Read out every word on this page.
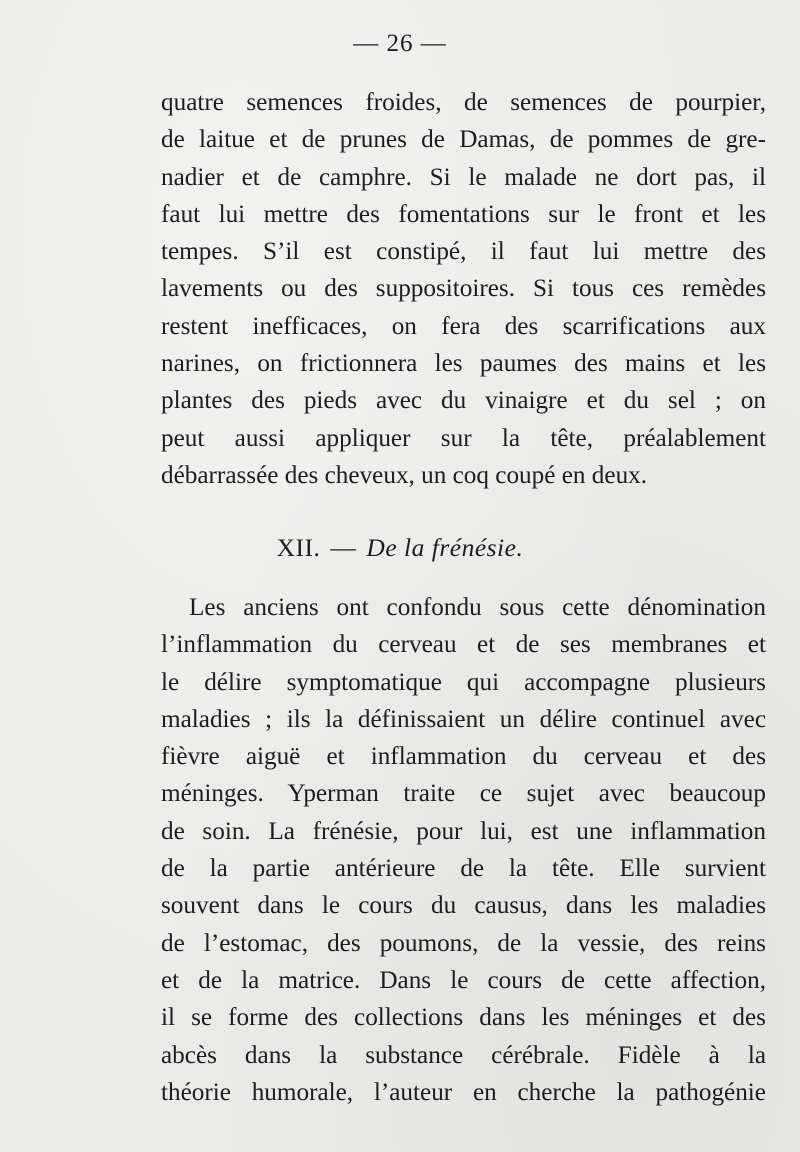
— 26 —
quatre semences froides, de semences de pourpier,
de laitue et de prunes de Damas, de pommes de gre-
nadier et de camphre. Si le malade ne dort pas, il
faut lui mettre des fomentations sur le front et les
tempes. S’il est constipé, il faut lui mettre des
lavements ou des suppositoires. Si tous ces remèdes
restent inefficaces, on fera des scarrifications aux
narines, on frictionnera les paumes des mains et les
plantes des pieds avec du vinaigre et du sel ; on
peut aussi appliquer sur la tête, préalablement
débarrassée des cheveux, un coq coupé en deux.
XII. — De la frénésie.
Les anciens ont confondu sous cette dénomination
l’inflammation du cerveau et de ses membranes et
le délire symptomatique qui accompagne plusieurs
maladies ; ils la définissaient un délire continuel avec
fièvre aiguë et inflammation du cerveau et des
méninges. Yperman traite ce sujet avec beaucoup
de soin. La frénésie, pour lui, est une inflammation
de la partie antérieure de la tête. Elle survient
souvent dans le cours du causus, dans les maladies
de l’estomac, des poumons, de la vessie, des reins
et de la matrice. Dans le cours de cette affection,
il se forme des collections dans les méninges et des
abcès dans la substance cérébrale. Fidèle à la
théorie humorale, l’auteur en cherche la pathogénie
